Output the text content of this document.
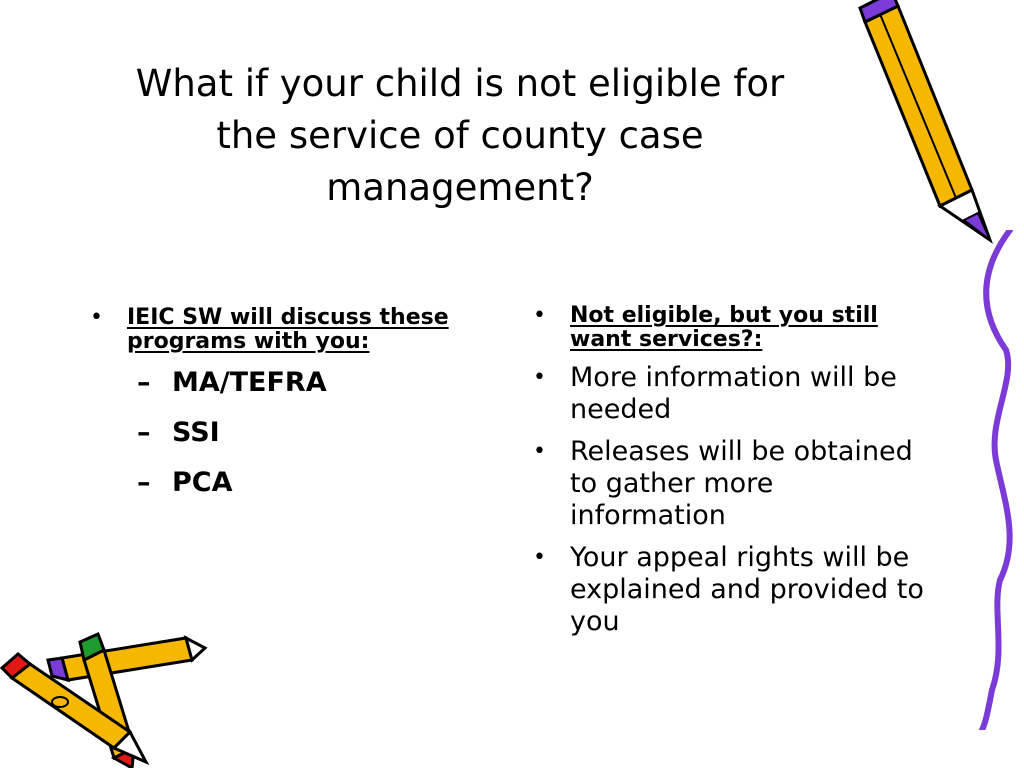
What if your child is not eligible for the service of county case management?
• IEIC SW will discuss these programs with you:
– MA/TEFRA
– SSI
– PCA
• Not eligible, but you still want services?:
• More information will be needed
• Releases will be obtained to gather more information
• Your appeal rights will be explained and provided to you
